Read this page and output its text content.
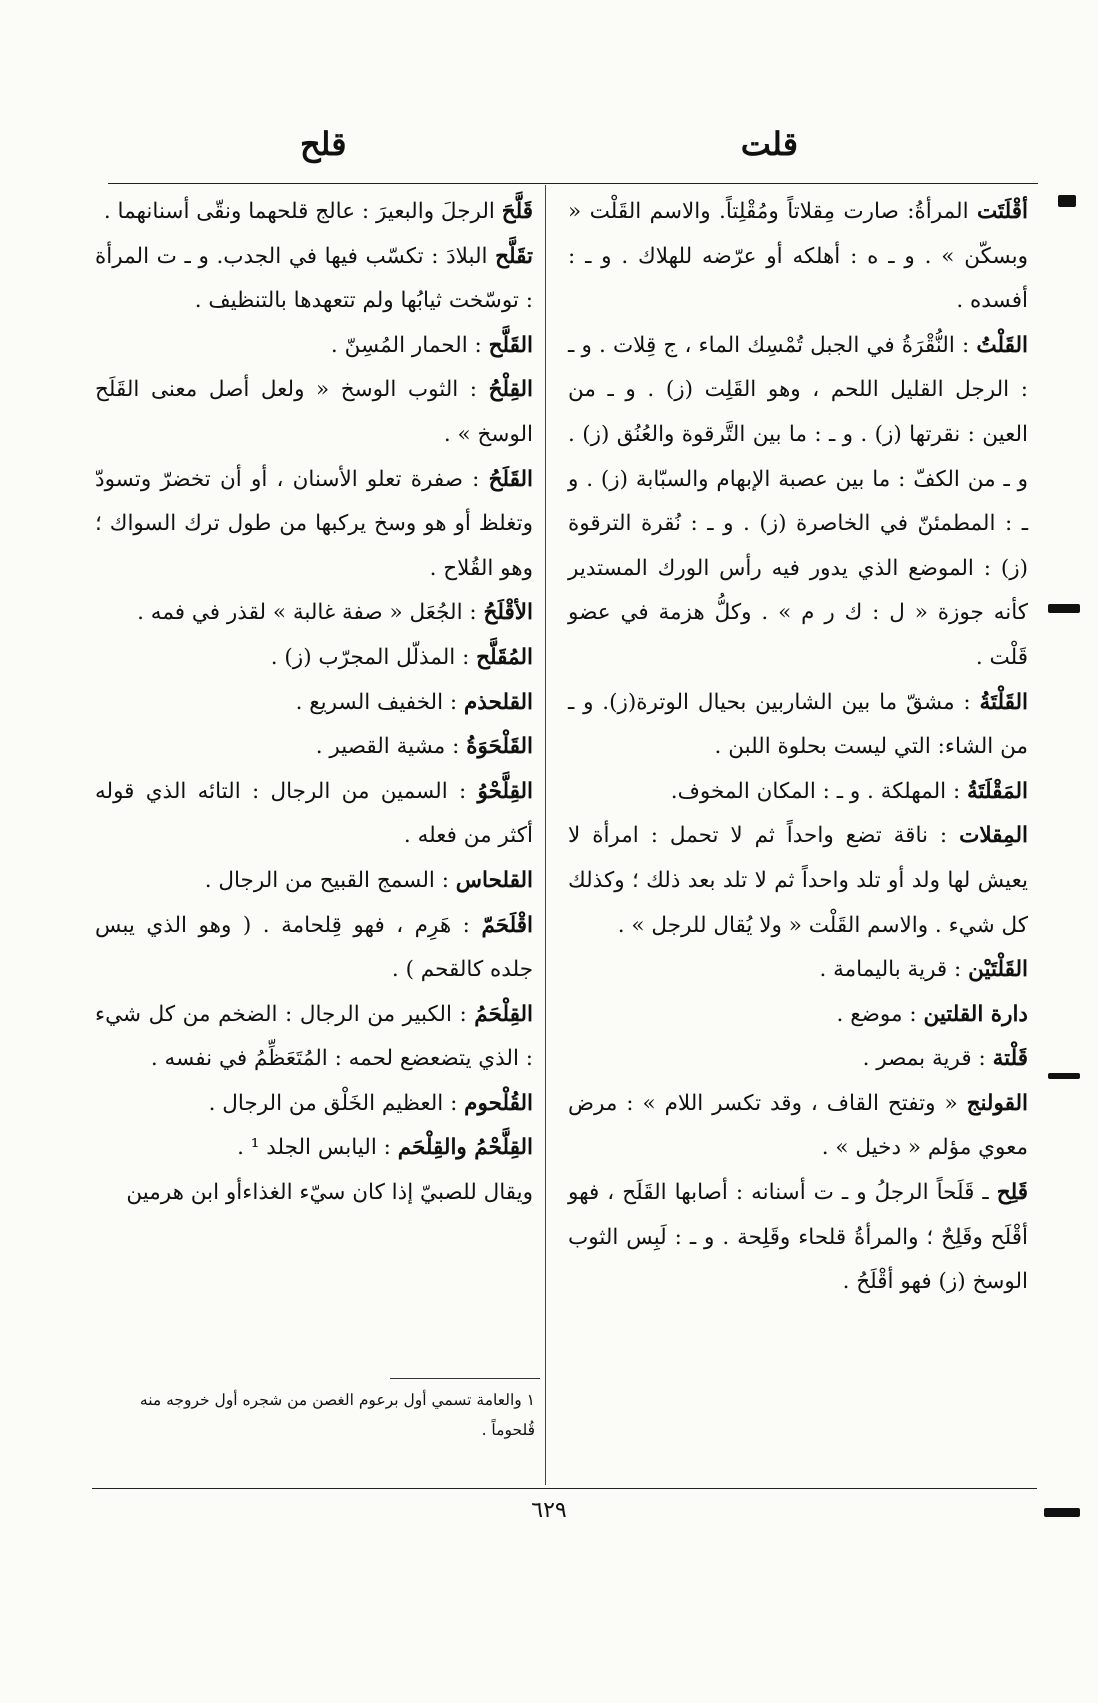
قلت
قلح

أقْلَتَت المرأةُ: صارت مِقلاتاً ومُقْلِتاً. والاسم القَلْت « وبسكّن » . و ـ ه : أهلكه أو عرّضه للهلاك . و ـ : أفسده .

القَلْتُ : النُّقْرَةُ في الجبل تُمْسِك الماء ، ج قِلات . و ـ : الرجل القليل اللحم ، وهو القَلِت (ز) . و ـ من العين : نقرتها (ز) . و ـ : ما بين التَّرقوة والعُنُق (ز) . و ـ من الكفّ : ما بين عصبة الإبهام والسبّابة (ز) . و ـ : المطمئنّ في الخاصرة (ز) . و ـ : نُقرة الترقوة (ز) : الموضع الذي يدور فيه رأس الورك المستدير كأنه جوزة « ل : ك ر م » . وكلُّ هزمة في عضو قَلْت .

القَلْتَةُ : مشقّ ما بين الشاربين بحيال الوترة(ز). و ـ من الشاء: التي ليست بحلوة اللبن .

المَقْلَتَةُ : المهلكة . و ـ : المكان المخوف.

المِقلات : ناقة تضع واحداً ثم لا تحمل : امرأة لا يعيش لها ولد أو تلد واحداً ثم لا تلد بعد ذلك ؛ وكذلك كل شيء . والاسم القَلْت « ولا يُقال للرجل » .

القَلْتَيْن : قرية باليمامة .

دارة القلتين : موضع .

قَلْتة : قرية بمصر .

القولنج « وتفتح القاف ، وقد تكسر اللام » : مرض معوي مؤلم « دخيل » .

قَلِح ـ قَلَحاً الرجلُ و ـ ت أسنانه : أصابها القَلَح ، فهو أقْلَح وقَلِحٌ ؛ والمرأةُ قلحاء وقَلِحة . و ـ : لَبِس الثوب الوسخ (ز) فهو أقْلَحُ .

قَلَّحَ الرجلَ والبعيرَ : عالج قلحهما ونقّى أسنانهما .

تقَلَّح البلادَ : تكسّب فيها في الجدب. و ـ ت المرأة : توسّخت ثيابُها ولم تتعهدها بالتنظيف .

القَلَّح : الحمار المُسِنّ .

القِلْحُ : الثوب الوسخ « ولعل أصل معنى القَلَح الوسخ » .

القَلَحُ : صفرة تعلو الأسنان ، أو أن تخضرّ وتسودّ وتغلظ أو هو وسخ يركبها من طول ترك السواك ؛ وهو القُلاح .

الأقْلَحُ : الجُعَل « صفة غالبة » لقذر في فمه .

المُقَلَّح : المذلّل المجرّب (ز) .

القلحذم : الخفيف السريع .

القَلْحَوَةُ : مشية القصير .

القِلَّحْوُ : السمين من الرجال : التائه الذي قوله أكثر من فعله .

القلحاس : السمج القبيح من الرجال .

اقْلَحَمّ : هَرِم ، فهو قِلحامة . ( وهو الذي يبس جلده كالقحم ) .

القِلْحَمُ : الكبير من الرجال : الضخم من كل شيء : الذي يتضعضع لحمه : المُتَعَظِّمُ في نفسه .

القُلْحوم : العظيم الخَلْق من الرجال .

القِلَّحْمُ والقِلْحَم : اليابس الجلد ¹ .

ويقال للصبيّ إذا كان سيّء الغذاءأو ابن هرمين

١ والعامة تسمي أول برعوم الغصن من شجره أول خروجه منه قُلحوماً .
٦٢٩
